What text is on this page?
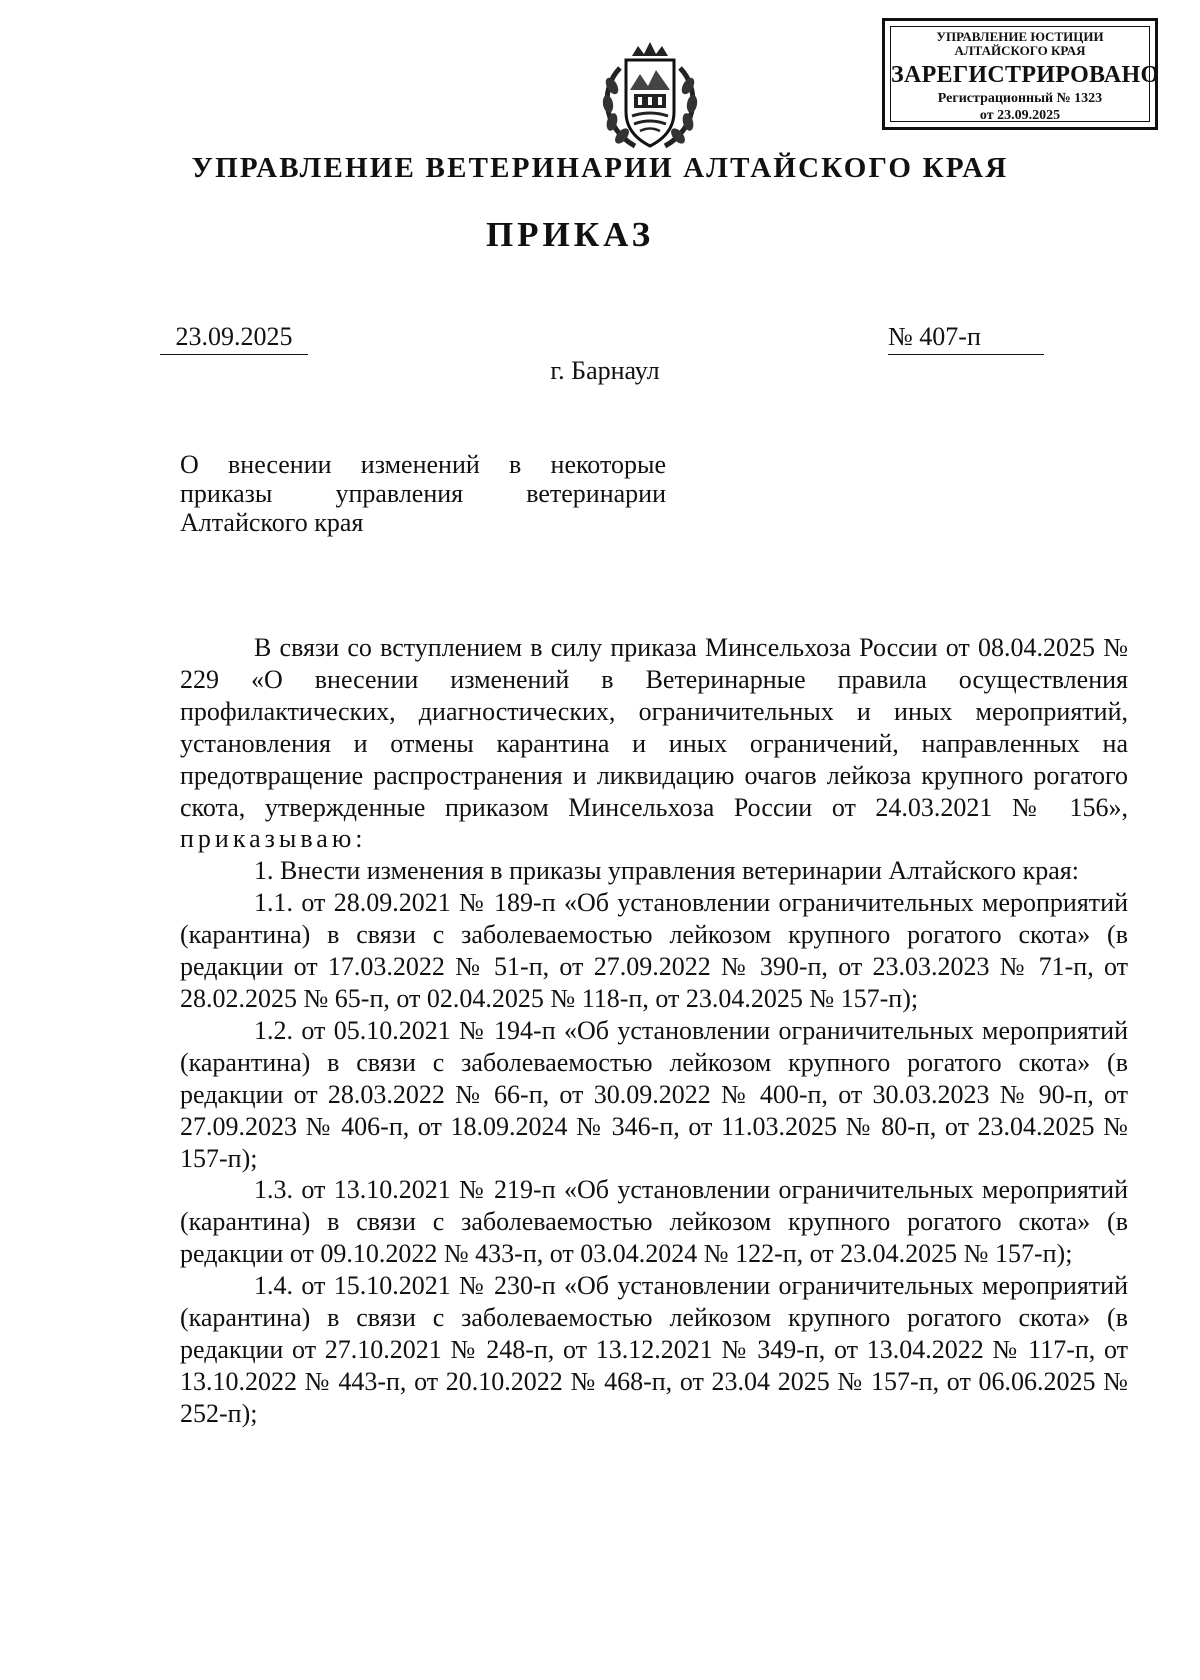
УПРАВЛЕНИЕ ЮСТИЦИИ
АЛТАЙСКОГО КРАЯ
ЗАРЕГИСТРИРОВАНО
Регистрационный № 1323
от 23.09.2025
УПРАВЛЕНИЕ ВЕТЕРИНАРИИ АЛТАЙСКОГО КРАЯ
ПРИКАЗ
23.09.2025	№ 407-п
г. Барнаул
О внесении изменений в некоторые
приказы управления ветеринарии
Алтайского края

В связи со вступлением в силу приказа Минсельхоза России от 08.04.2025 № 229 «О внесении изменений в Ветеринарные правила осуществления профилактических, диагностических, ограничительных и иных мероприятий, установления и отмены карантина и иных ограничений, направленных на предотвращение распространения и ликвидацию очагов лейкоза крупного рогатого скота, утвержденные приказом Минсельхоза России от 24.03.2021 № 156», приказываю:

1. Внести изменения в приказы управления ветеринарии Алтайского края:

1.1. от 28.09.2021 № 189-п «Об установлении ограничительных мероприятий (карантина) в связи с заболеваемостью лейкозом крупного рогатого скота» (в редакции от 17.03.2022 № 51-п, от 27.09.2022 № 390-п, от 23.03.2023 № 71-п, от 28.02.2025 № 65-п, от 02.04.2025 № 118-п, от 23.04.2025 № 157-п);

1.2. от 05.10.2021 № 194-п «Об установлении ограничительных мероприятий (карантина) в связи с заболеваемостью лейкозом крупного рогатого скота» (в редакции от 28.03.2022 № 66-п, от 30.09.2022 № 400-п, от 30.03.2023 № 90-п, от 27.09.2023 № 406-п, от 18.09.2024 № 346-п, от 11.03.2025 № 80-п, от 23.04.2025 № 157-п);

1.3. от 13.10.2021 № 219-п «Об установлении ограничительных мероприятий (карантина) в связи с заболеваемостью лейкозом крупного рогатого скота» (в редакции от 09.10.2022 № 433-п, от 03.04.2024 № 122-п, от 23.04.2025 № 157-п);

1.4. от 15.10.2021 № 230-п «Об установлении ограничительных мероприятий (карантина) в связи с заболеваемостью лейкозом крупного рогатого скота» (в редакции от 27.10.2021 № 248-п, от 13.12.2021 № 349-п, от 13.04.2022 № 117-п, от 13.10.2022 № 443-п, от 20.10.2022 № 468-п, от 23.04 2025 № 157-п, от 06.06.2025 № 252-п);
